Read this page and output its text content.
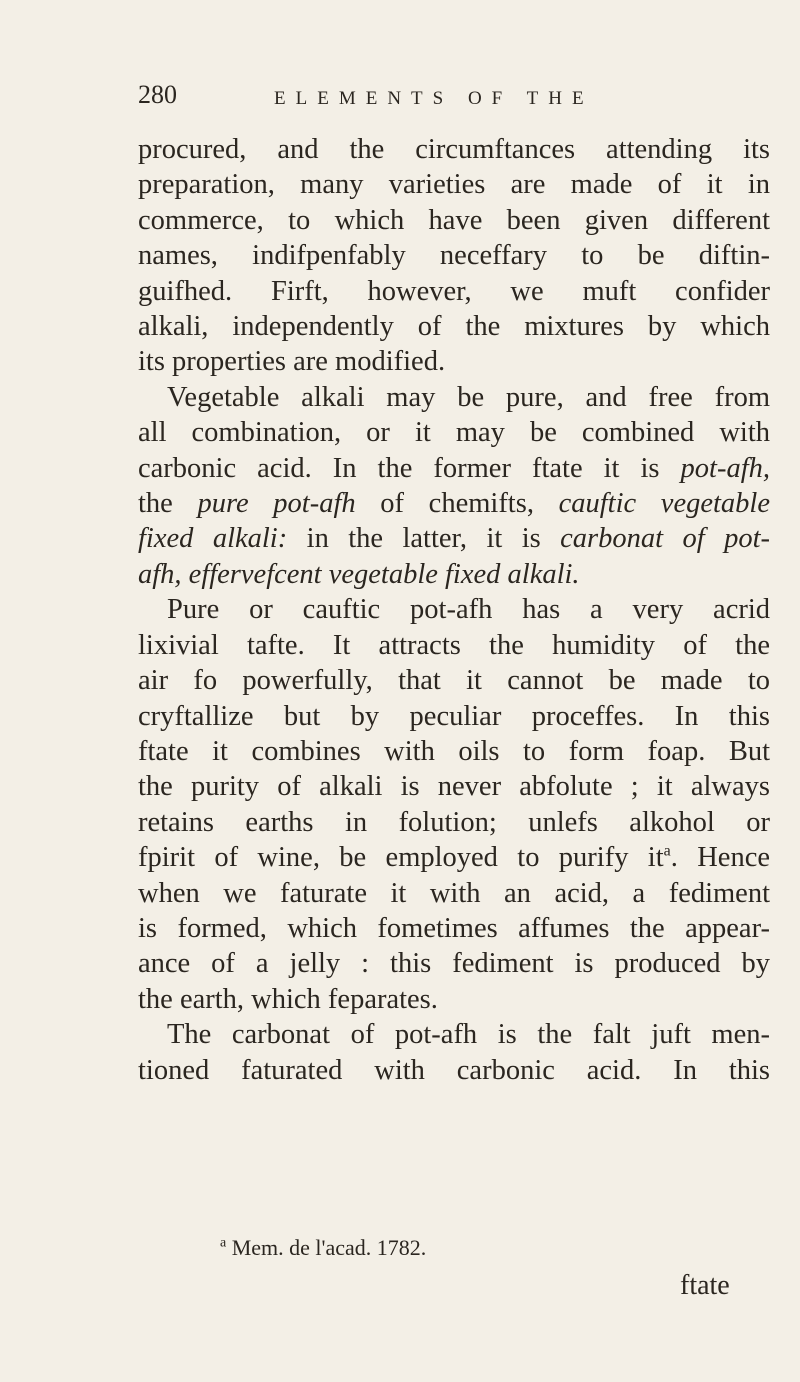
280	ELEMENTS OF THE
procured, and the circumftances attending its
preparation, many varieties are made of it in
commerce, to which have been given different
names, indifpenfably neceffary to be diftin-
guifhed. Firft, however, we muft confider
alkali, independently of the mixtures by which
its properties are modified.
Vegetable alkali may be pure, and free from
all combination, or it may be combined with
carbonic acid. In the former ftate it is pot-afh,
the pure pot-afh of chemifts, cauftic vegetable
fixed alkali: in the latter, it is carbonat of pot-
afh, effervefcent vegetable fixed alkali.
Pure or cauftic pot-afh has a very acrid
lixivial tafte. It attracts the humidity of the
air fo powerfully, that it cannot be made to
cryftallize but by peculiar proceffes. In this
ftate it combines with oils to form foap. But
the purity of alkali is never abfolute ; it always
retains earths in folution; unlefs alkohol or
fpirit of wine, be employed to purify $it^a$. Hence
when we faturate it with an acid, a fediment
is formed, which fometimes affumes the appear-
ance of a jelly : this fediment is produced by
the earth, which feparates.
The carbonat of pot-afh is the falt juft men-
tioned faturated with carbonic acid. In this
$^a$ Mem. de l'acad. 1782.
ftate
